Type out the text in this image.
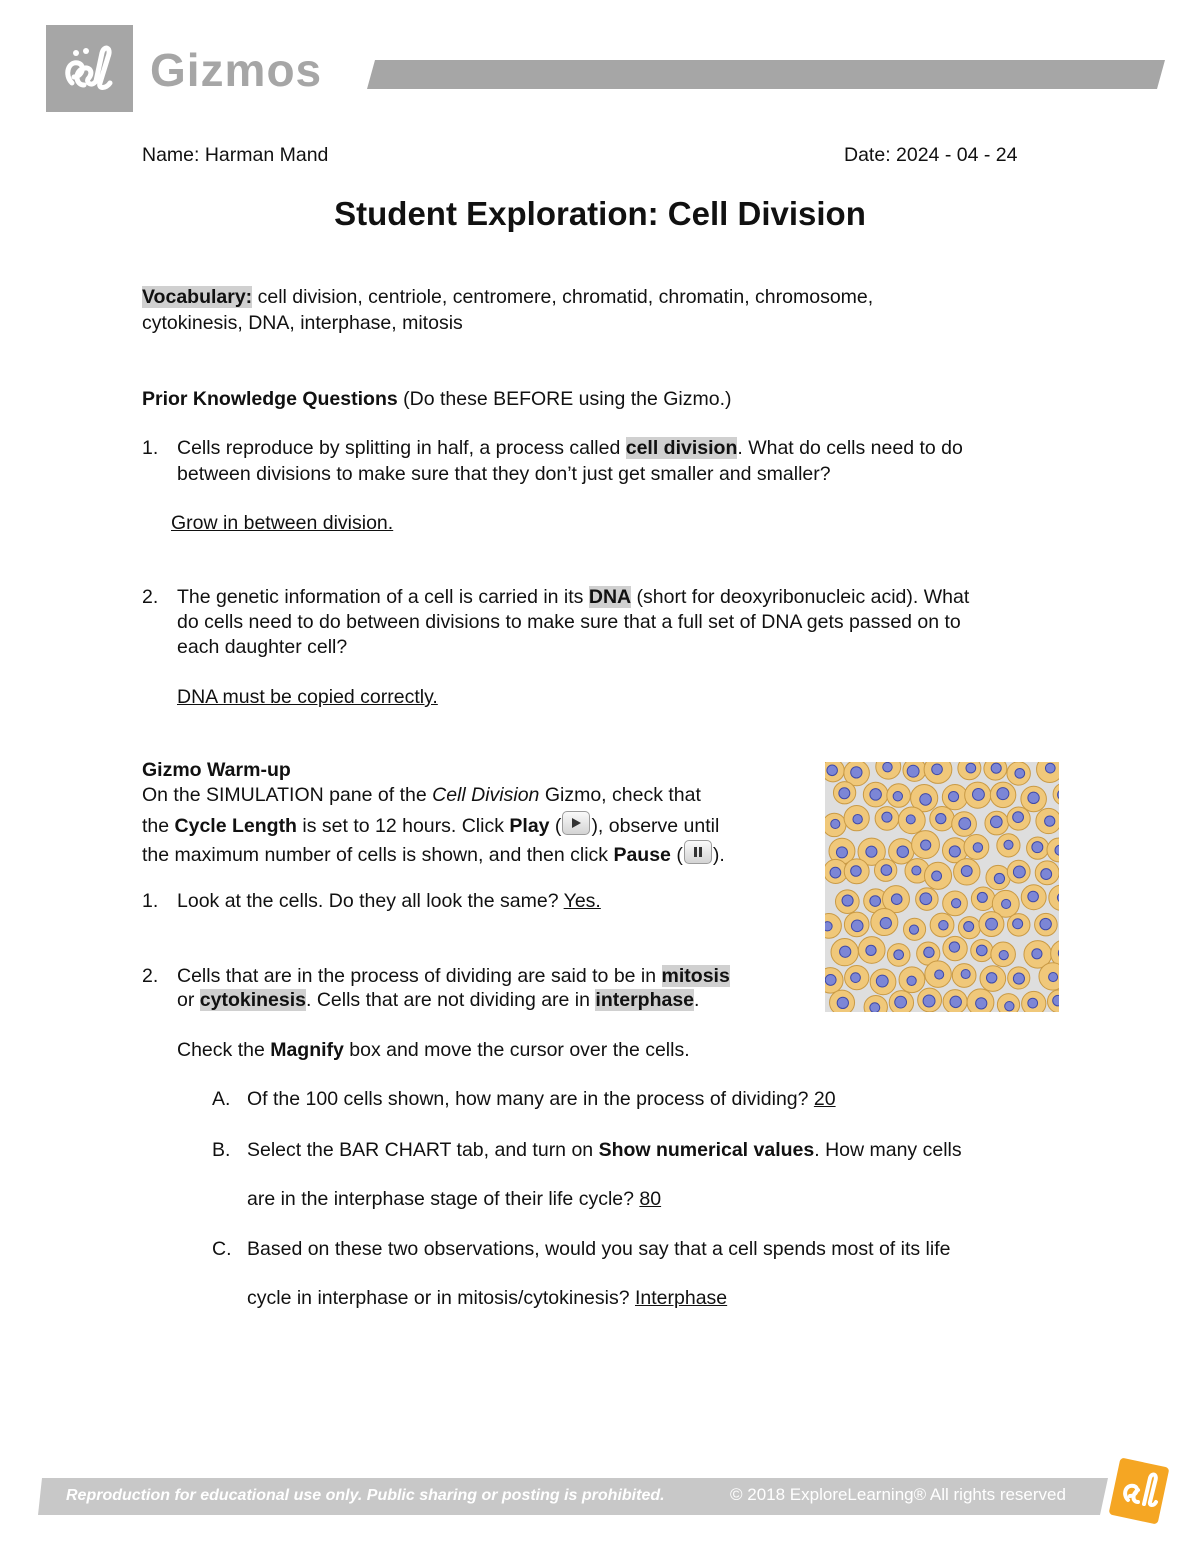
Gizmos
Name: Harman Mand	Date: 2024 - 04 - 24
Student Exploration: Cell Division
Vocabulary: cell division, centriole, centromere, chromatid, chromatin, chromosome,
cytokinesis, DNA, interphase, mitosis
Prior Knowledge Questions (Do these BEFORE using the Gizmo.)
1. Cells reproduce by splitting in half, a process called cell division. What do cells need to do
between divisions to make sure that they don’t just get smaller and smaller?
Grow in between division.
2. The genetic information of a cell is carried in its DNA (short for deoxyribonucleic acid). What
do cells need to do between divisions to make sure that a full set of DNA gets passed on to
each daughter cell?
DNA must be copied correctly.
Gizmo Warm-up
On the SIMULATION pane of the Cell Division Gizmo, check that
the Cycle Length is set to 12 hours. Click Play ( ), observe until
the maximum number of cells is shown, and then click Pause ( ).
1. Look at the cells. Do they all look the same? Yes.
2. Cells that are in the process of dividing are said to be in mitosis
or cytokinesis. Cells that are not dividing are in interphase.
Check the Magnify box and move the cursor over the cells.
A. Of the 100 cells shown, how many are in the process of dividing? 20
B. Select the BAR CHART tab, and turn on Show numerical values. How many cells
are in the interphase stage of their life cycle? 80
C. Based on these two observations, would you say that a cell spends most of its life
cycle in interphase or in mitosis/cytokinesis? Interphase
Reproduction for educational use only. Public sharing or posting is prohibited.	© 2018 ExploreLearning® All rights reserved
